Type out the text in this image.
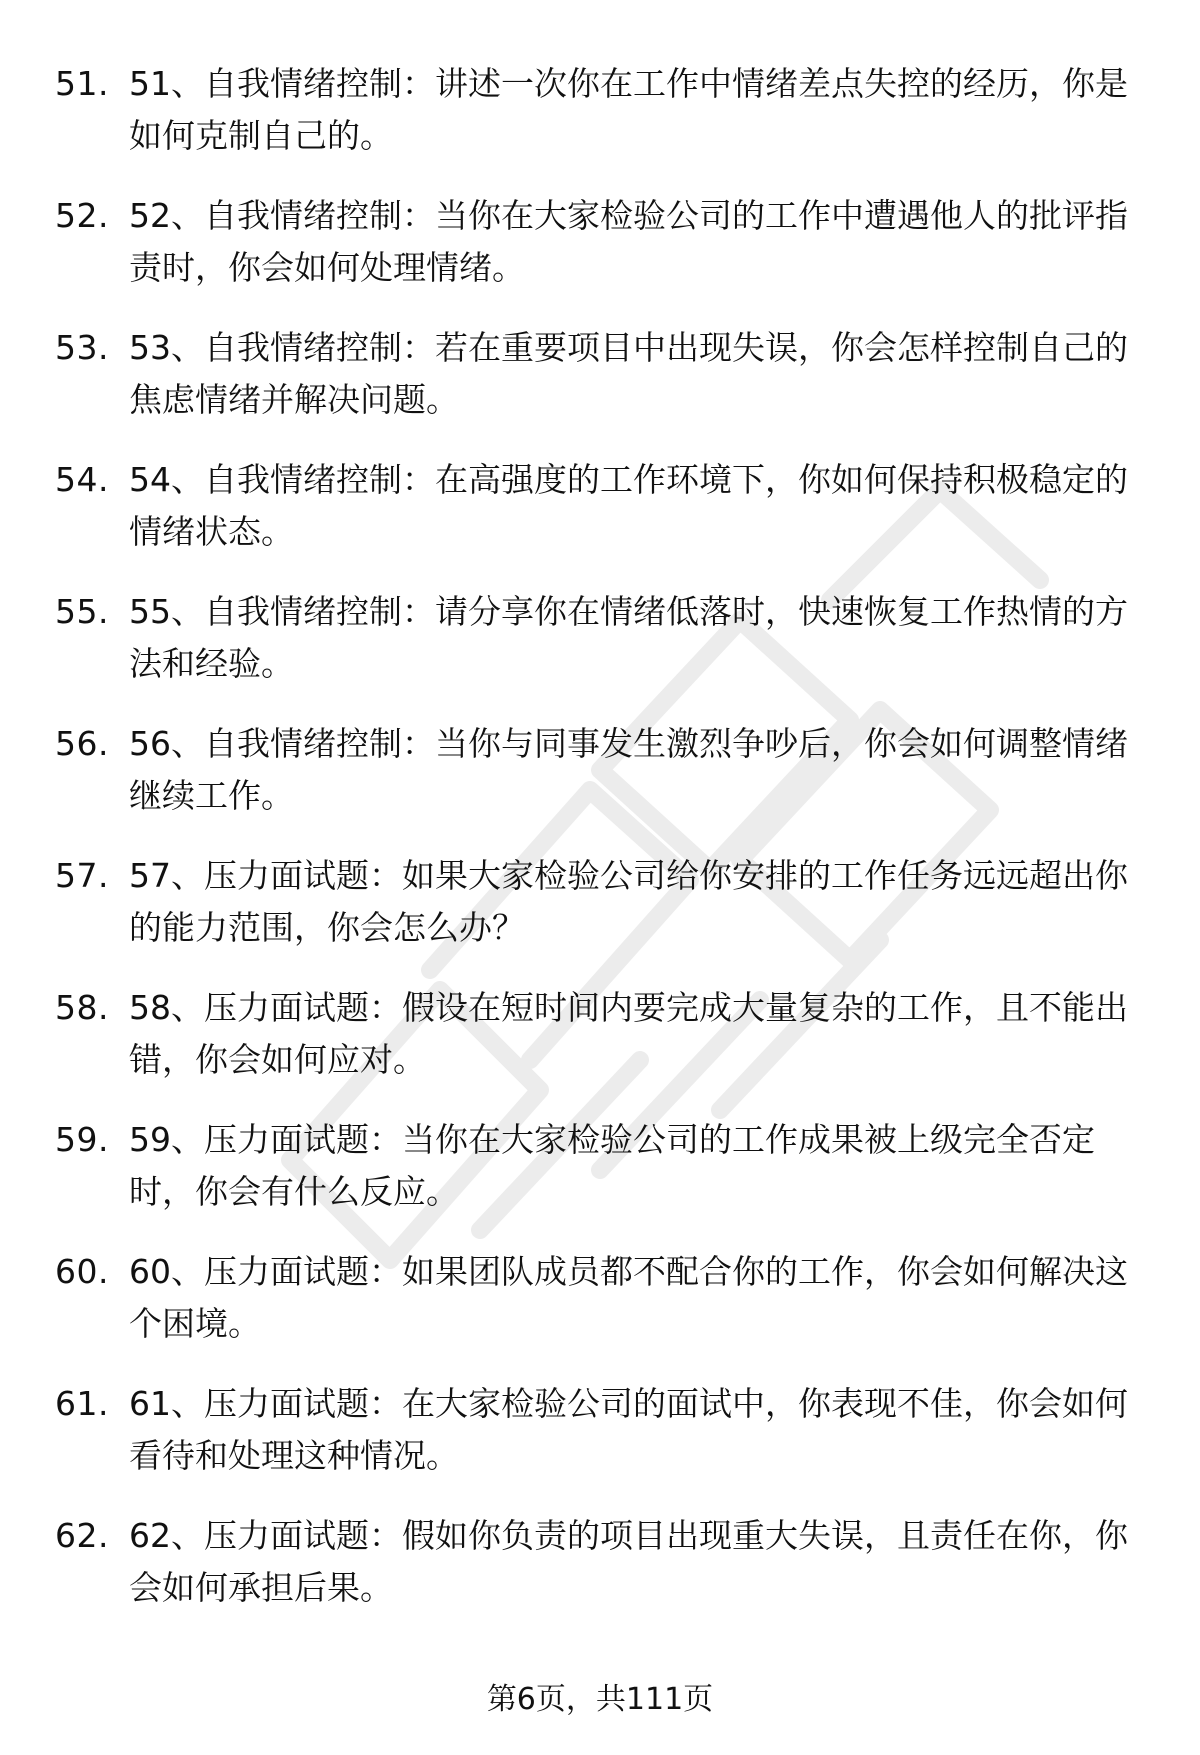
51. 51、自我情绪控制：讲述一次你在工作中情绪差点失控的经历，你是如何克制自己的。
52. 52、自我情绪控制：当你在大家检验公司的工作中遭遇他人的批评指责时，你会如何处理情绪。
53. 53、自我情绪控制：若在重要项目中出现失误，你会怎样控制自己的焦虑情绪并解决问题。
54. 54、自我情绪控制：在高强度的工作环境下，你如何保持积极稳定的情绪状态。
55. 55、自我情绪控制：请分享你在情绪低落时，快速恢复工作热情的方法和经验。
56. 56、自我情绪控制：当你与同事发生激烈争吵后，你会如何调整情绪继续工作。
57. 57、压力面试题：如果大家检验公司给你安排的工作任务远远超出你的能力范围，你会怎么办？
58. 58、压力面试题：假设在短时间内要完成大量复杂的工作，且不能出错，你会如何应对。
59. 59、压力面试题：当你在大家检验公司的工作成果被上级完全否定时，你会有什么反应。
60. 60、压力面试题：如果团队成员都不配合你的工作，你会如何解决这个困境。
61. 61、压力面试题：在大家检验公司的面试中，你表现不佳，你会如何看待和处理这种情况。
62. 62、压力面试题：假如你负责的项目出现重大失误，且责任在你，你会如何承担后果。
第6页，共111页
